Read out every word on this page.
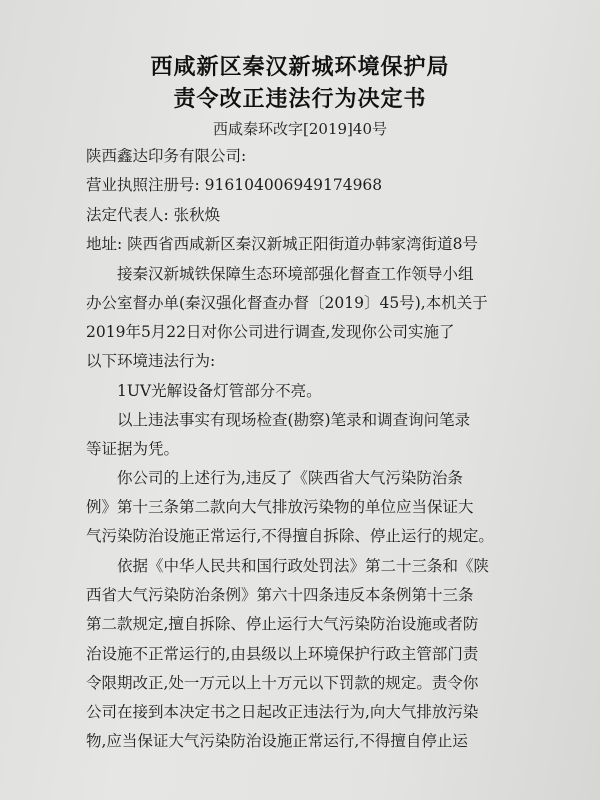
西咸新区秦汉新城环境保护局
责令改正违法行为决定书
西咸秦环改字[2019]40号
陕西鑫达印务有限公司:
营业执照注册号: 916104006949174968
法定代表人: 张秋焕
地址: 陕西省西咸新区秦汉新城正阳街道办韩家湾街道8号
接秦汉新城铁保障生态环境部强化督查工作领导小组
办公室督办单(秦汉强化督查办督〔2019〕45号),本机关于
2019年5月22日对你公司进行调查,发现你公司实施了
以下环境违法行为:
1UV光解设备灯管部分不亮。
以上违法事实有现场检查(勘察)笔录和调查询问笔录
等证据为凭。
你公司的上述行为,违反了《陕西省大气污染防治条
例》第十三条第二款向大气排放污染物的单位应当保证大
气污染防治设施正常运行,不得擅自拆除、停止运行的规定。
依据《中华人民共和国行政处罚法》第二十三条和《陕
西省大气污染防治条例》第六十四条违反本条例第十三条
第二款规定,擅自拆除、停止运行大气污染防治设施或者防
治设施不正常运行的,由县级以上环境保护行政主管部门责
令限期改正,处一万元以上十万元以下罚款的规定。责令你
公司在接到本决定书之日起改正违法行为,向大气排放污染
物,应当保证大气污染防治设施正常运行,不得擅自停止运
